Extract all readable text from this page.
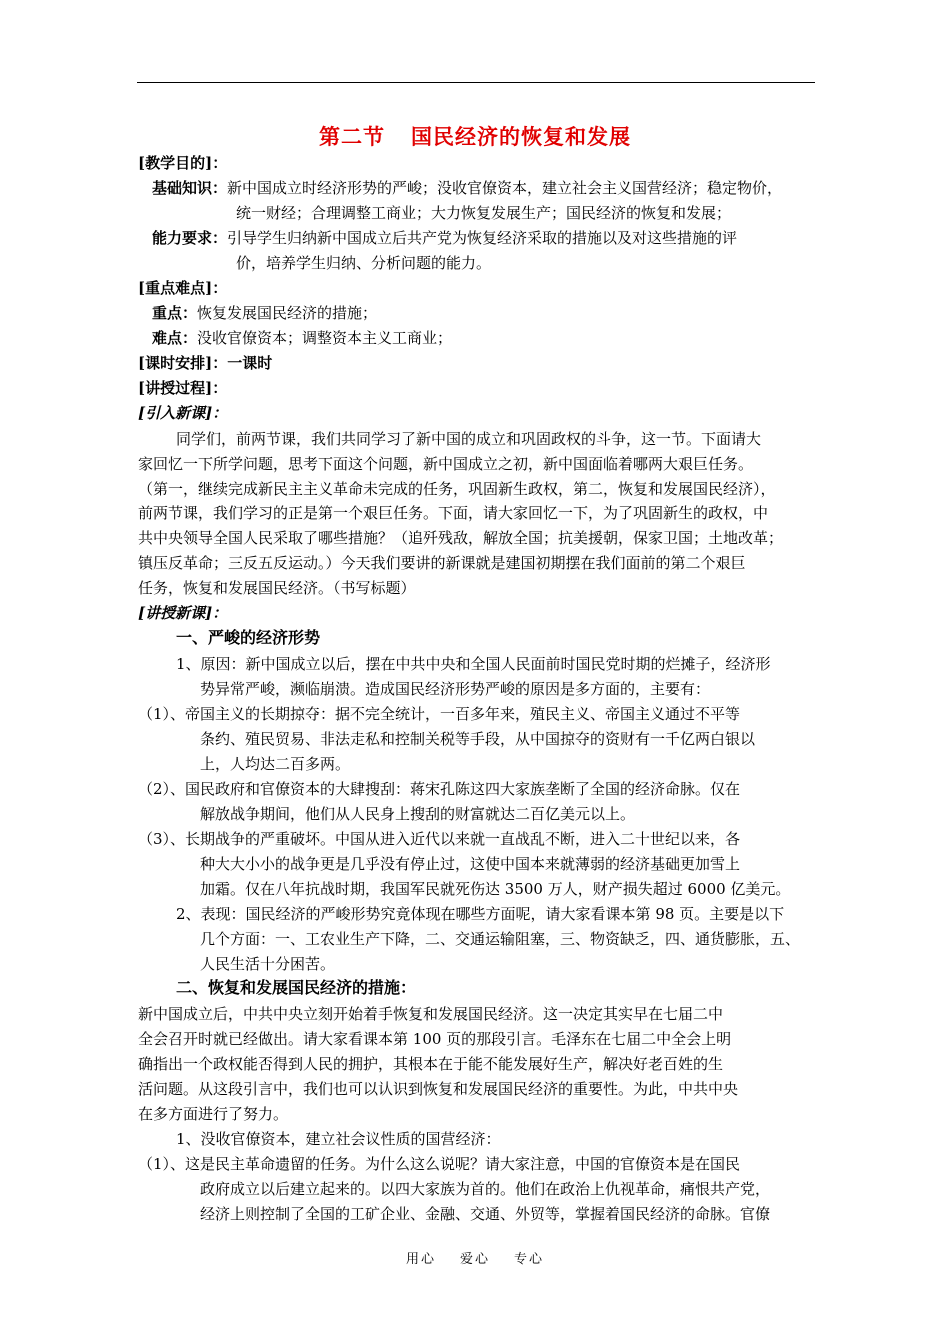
第二节 国民经济的恢复和发展
[教学目的]：
基础知识：新中国成立时经济形势的严峻；没收官僚资本，建立社会主义国营经济；稳定物价，
统一财经；合理调整工商业；大力恢复发展生产；国民经济的恢复和发展；
能力要求：引导学生归纳新中国成立后共产党为恢复经济采取的措施以及对这些措施的评
价，培养学生归纳、分析问题的能力。
[重点难点]：
重点：恢复发展国民经济的措施；
难点：没收官僚资本；调整资本主义工商业；
[课时安排]：一课时
[讲授过程]：
[引入新课]：
同学们，前两节课，我们共同学习了新中国的成立和巩固政权的斗争，这一节。下面请大
家回忆一下所学问题，思考下面这个问题，新中国成立之初，新中国面临着哪两大艰巨任务。
（第一，继续完成新民主主义革命未完成的任务，巩固新生政权，第二，恢复和发展国民经济），
前两节课，我们学习的正是第一个艰巨任务。下面，请大家回忆一下，为了巩固新生的政权，中
共中央领导全国人民采取了哪些措施？（追歼残敌，解放全国；抗美援朝，保家卫国；土地改革；
镇压反革命；三反五反运动。）今天我们要讲的新课就是建国初期摆在我们面前的第二个艰巨
任务，恢复和发展国民经济。（书写标题）
[讲授新课]：
一、严峻的经济形势
1、原因：新中国成立以后，摆在中共中央和全国人民面前时国民党时期的烂摊子，经济形
势异常严峻，濒临崩溃。造成国民经济形势严峻的原因是多方面的，主要有：
（1）、帝国主义的长期掠夺：据不完全统计，一百多年来，殖民主义、帝国主义通过不平等
条约、殖民贸易、非法走私和控制关税等手段，从中国掠夺的资财有一千亿两白银以
上，人均达二百多两。
（2）、国民政府和官僚资本的大肆搜刮：蒋宋孔陈这四大家族垄断了全国的经济命脉。仅在
解放战争期间，他们从人民身上搜刮的财富就达二百亿美元以上。
（3）、长期战争的严重破坏。中国从进入近代以来就一直战乱不断，进入二十世纪以来，各
种大大小小的战争更是几乎没有停止过，这使中国本来就薄弱的经济基础更加雪上
加霜。仅在八年抗战时期，我国军民就死伤达 3500 万人，财产损失超过 6000 亿美元。
2、表现：国民经济的严峻形势究竟体现在哪些方面呢，请大家看课本第 98 页。主要是以下
几个方面：一、工农业生产下降，二、交通运输阻塞，三、物资缺乏，四、通货膨胀，五、
人民生活十分困苦。
二、恢复和发展国民经济的措施：
新中国成立后，中共中央立刻开始着手恢复和发展国民经济。这一决定其实早在七届二中
全会召开时就已经做出。请大家看课本第 100 页的那段引言。毛泽东在七届二中全会上明
确指出一个政权能否得到人民的拥护，其根本在于能不能发展好生产，解决好老百姓的生
活问题。从这段引言中，我们也可以认识到恢复和发展国民经济的重要性。为此，中共中央
在多方面进行了努力。
1、没收官僚资本，建立社会议性质的国营经济：
（1）、这是民主革命遗留的任务。为什么这么说呢？请大家注意，中国的官僚资本是在国民
政府成立以后建立起来的。以四大家族为首的。他们在政治上仇视革命，痛恨共产党，
经济上则控制了全国的工矿企业、金融、交通、外贸等，掌握着国民经济的命脉。官僚
用心 爱心 专心
